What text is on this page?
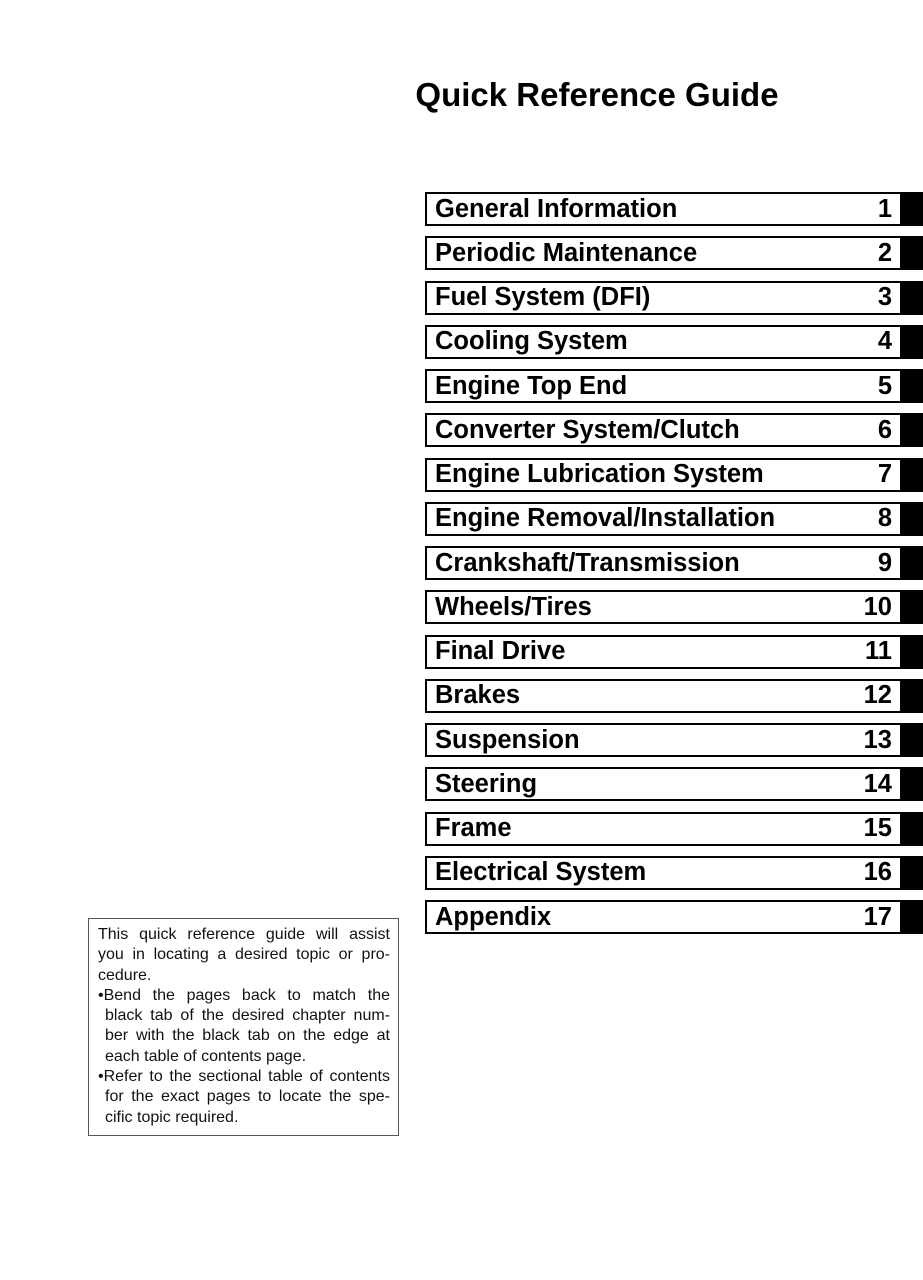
Quick Reference Guide
General Information	1
Periodic Maintenance	2
Fuel System (DFI)	3
Cooling System	4
Engine Top End	5
Converter System/Clutch	6
Engine Lubrication System	7
Engine Removal/Installation	8
Crankshaft/Transmission	9
Wheels/Tires	10
Final Drive	11
Brakes	12
Suspension	13
Steering	14
Frame	15
Electrical System	16
Appendix	17
This quick reference guide will assist
you in locating a desired topic or pro-
cedure.
•Bend the pages back to match the
black tab of the desired chapter num-
ber with the black tab on the edge at
each table of contents page.
•Refer to the sectional table of contents
for the exact pages to locate the spe-
cific topic required.
